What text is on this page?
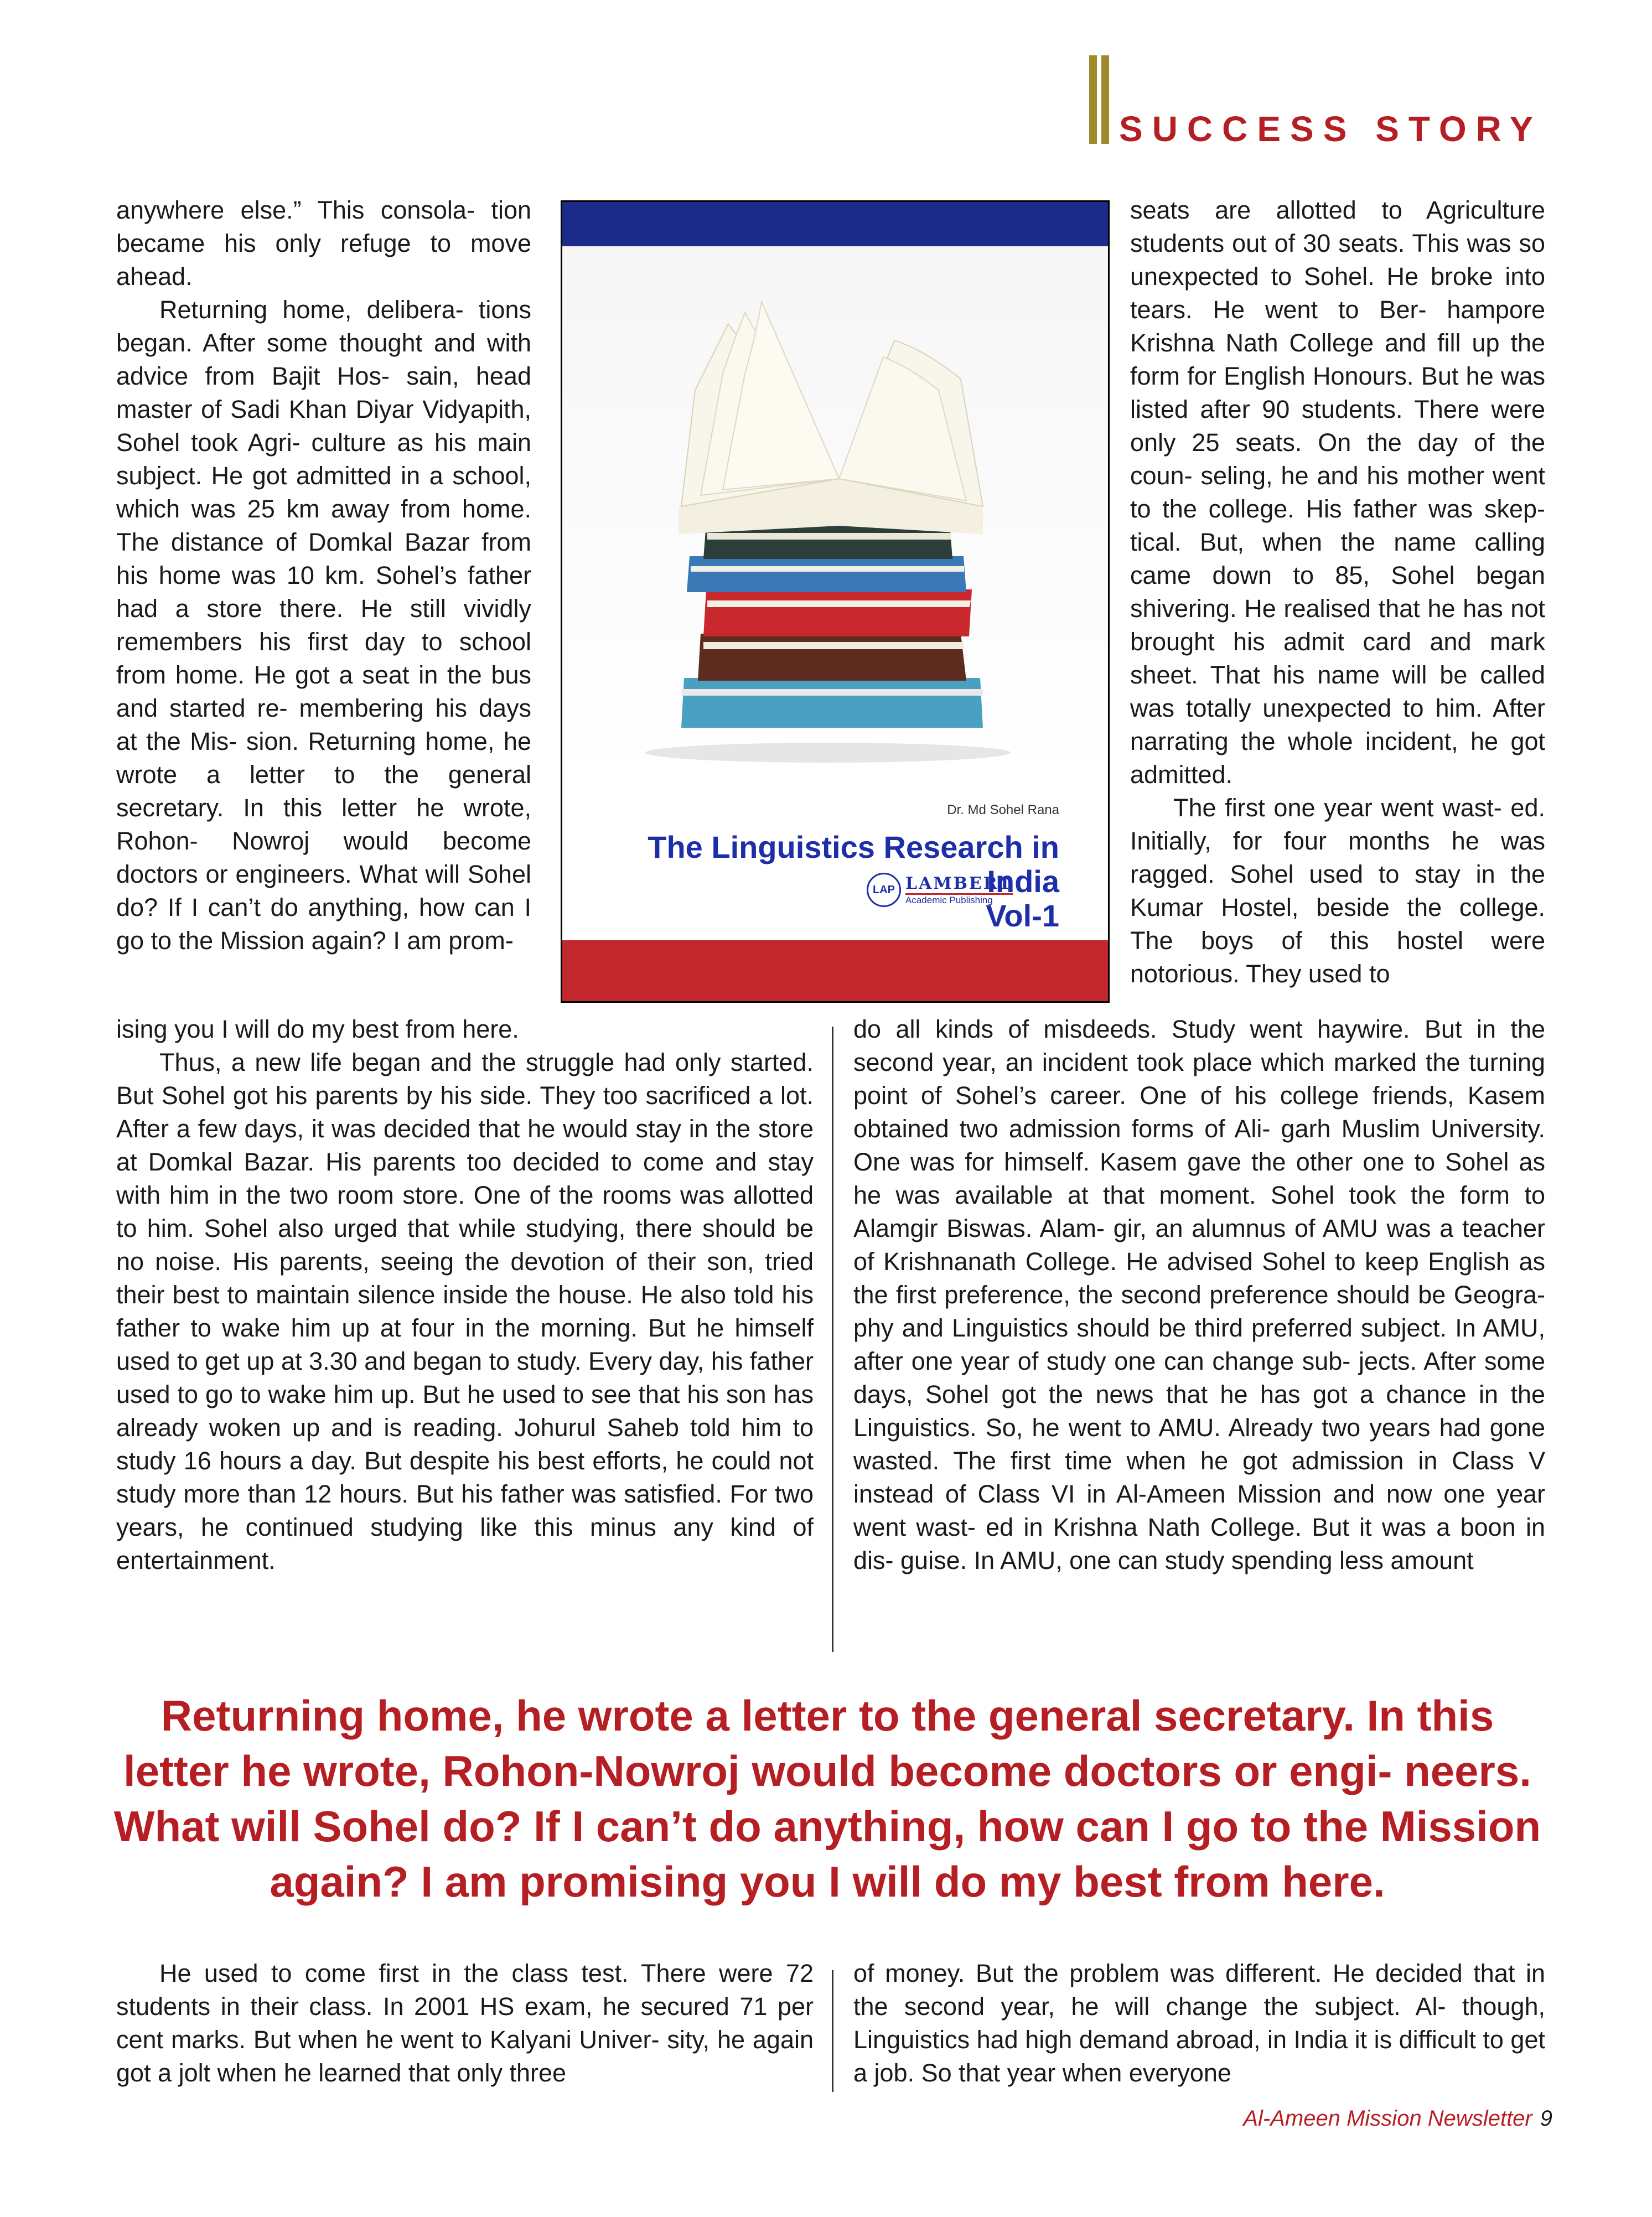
SUCCESS STORY

anywhere else.” This consola- tion became his only refuge to move ahead.

Returning home, delibera- tions began. After some thought and with advice from Bajit Hos- sain, head master of Sadi Khan Diyar Vidyapith, Sohel took Agri- culture as his main subject. He got admitted in a school, which was 25 km away from home. The distance of Domkal Bazar from his home was 10 km. Sohel’s father had a store there. He still vividly remembers his first day to school from home. He got a seat in the bus and started re- membering his days at the Mis- sion. Returning home, he wrote a letter to the general secretary. In this letter he wrote, Rohon- Nowroj would become doctors or engineers. What will Sohel do? If I can’t do anything, how can I go to the Mission again? I am prom-

ising you I will do my best from here.

Thus, a new life began and the struggle had only started. But Sohel got his parents by his side. They too sacrificed a lot. After a few days, it was decided that he would stay in the store at Domkal Bazar. His parents too decided to come and stay with him in the two room store. One of the rooms was allotted to him. Sohel also urged that while studying, there should be no noise. His parents, seeing the devotion of their son, tried their best to maintain silence inside the house. He also told his father to wake him up at four in the morning. But he himself used to get up at 3.30 and began to study. Every day, his father used to go to wake him up. But he used to see that his son has already woken up and is reading. Johurul Saheb told him to study 16 hours a day. But despite his best efforts, he could not study more than 12 hours. But his father was satisfied. For two years, he continued studying like this minus any kind of entertainment.

seats are allotted to Agriculture students out of 30 seats. This was so unexpected to Sohel. He broke into tears. He went to Ber- hampore Krishna Nath College and fill up the form for English Honours. But he was listed after 90 students. There were only 25 seats. On the day of the coun- seling, he and his mother went to the college. His father was skep- tical. But, when the name calling came down to 85, Sohel began shivering. He realised that he has not brought his admit card and mark sheet. That his name will be called was totally unexpected to him. After narrating the whole incident, he got admitted.

The first one year went wast- ed. Initially, for four months he was ragged. Sohel used to stay in the Kumar Hostel, beside the college. The boys of this hostel were notorious. They used to

do all kinds of misdeeds. Study went haywire. But in the second year, an incident took place which marked the turning point of Sohel’s career. One of his college friends, Kasem obtained two admission forms of Ali- garh Muslim University. One was for himself. Kasem gave the other one to Sohel as he was available at that moment. Sohel took the form to Alamgir Biswas. Alam- gir, an alumnus of AMU was a teacher of Krishnanath College. He advised Sohel to keep English as the first preference, the second preference should be Geogra- phy and Linguistics should be third preferred subject. In AMU, after one year of study one can change sub- jects. After some days, Sohel got the news that he has got a chance in the Linguistics. So, he went to AMU. Already two years had gone wasted. The first time when he got admission in Class V instead of Class VI in Al-Ameen Mission and now one year went wast- ed in Krishna Nath College. But it was a boon in dis- guise. In AMU, one can study spending less amount

Dr. Md Sohel Rana

The Linguistics Research in
India
Vol-1

LAP LAMBERT
Academic Publishing

Returning home, he wrote a letter to the general secretary. In this letter he wrote, Rohon-Nowroj would become doctors or engi- neers. What will Sohel do? If I can’t do anything, how can I go to the Mission again? I am promising you I will do my best from here.

He used to come first in the class test. There were 72 students in their class. In 2001 HS exam, he secured 71 per cent marks. But when he went to Kalyani Univer- sity, he again got a jolt when he learned that only three

of money. But the problem was different. He decided that in the second year, he will change the subject. Al- though, Linguistics had high demand abroad, in India it is difficult to get a job. So that year when everyone

Al-Ameen Mission Newsletter 9
